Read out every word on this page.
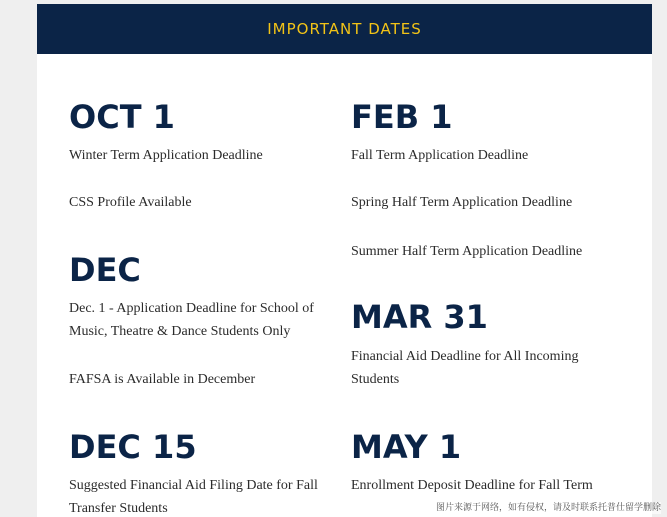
IMPORTANT DATES
OCT 1
Winter Term Application Deadline
CSS Profile Available
DEC
Dec. 1 - Application Deadline for School of Music, Theatre & Dance Students Only
FAFSA is Available in December
DEC 15
Suggested Financial Aid Filing Date for Fall Transfer Students
FEB 1
Fall Term Application Deadline
Spring Half Term Application Deadline
Summer Half Term Application Deadline
MAR 31
Financial Aid Deadline for All Incoming Students
MAY 1
Enrollment Deposit Deadline for Fall Term
图片来源于网络，如有侵权，请及时联系托普仕留学删除
